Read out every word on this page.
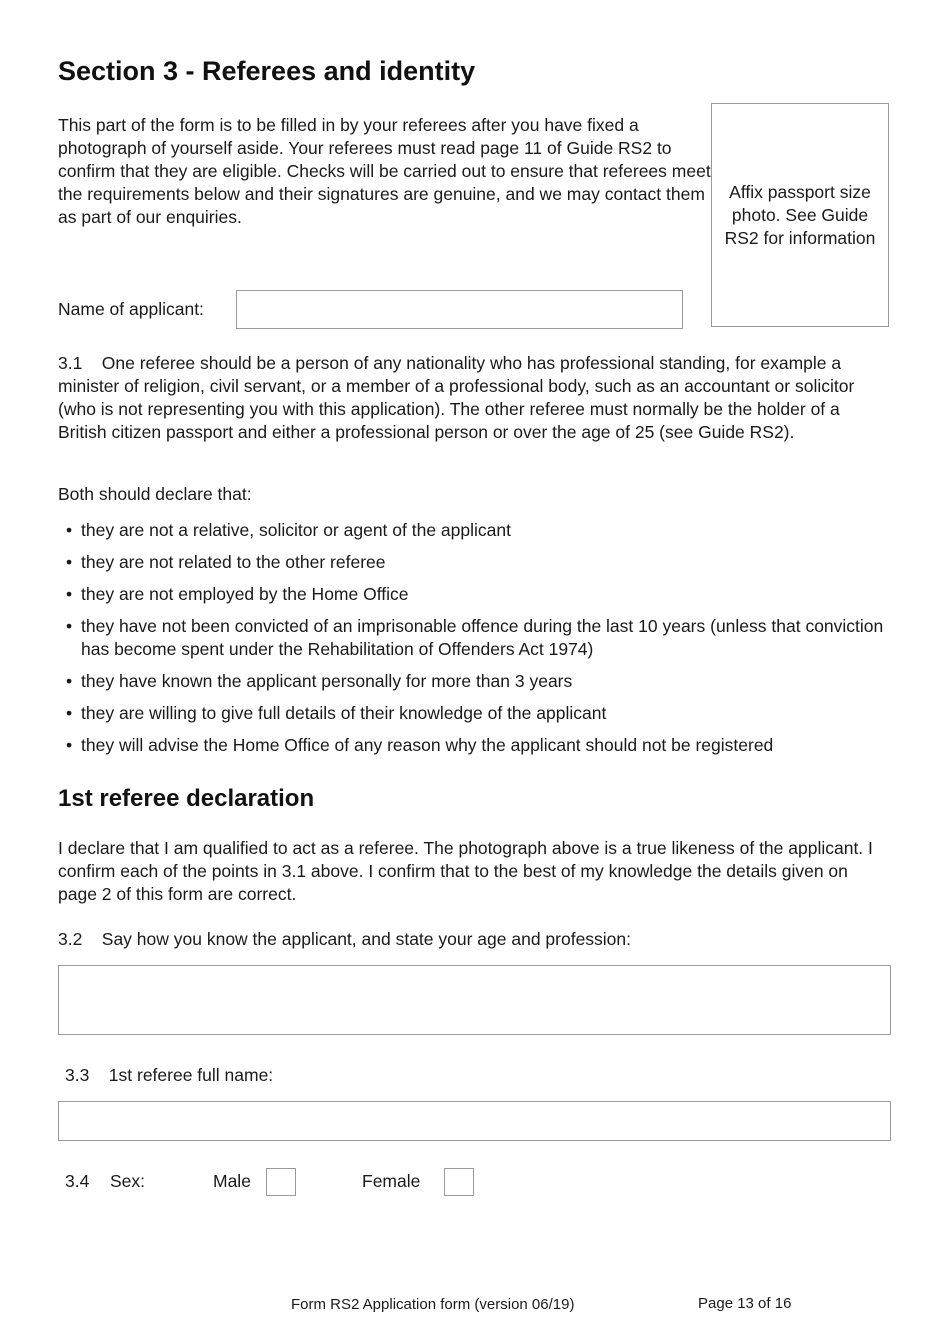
Section 3 - Referees and identity

This part of the form is to be filled in by your referees after you have fixed a photograph of yourself aside. Your referees must read page 11 of Guide RS2 to confirm that they are eligible. Checks will be carried out to ensure that referees meet the requirements below and their signatures are genuine, and we may contact them as part of our enquiries.

Affix passport size photo. See Guide RS2 for information
Name of applicant:

3.1 One referee should be a person of any nationality who has professional standing, for example a minister of religion, civil servant, or a member of a professional body, such as an accountant or solicitor (who is not representing you with this application). The other referee must normally be the holder of a British citizen passport and either a professional person or over the age of 25 (see Guide RS2).

Both should declare that:

• they are not a relative, solicitor or agent of the applicant
• they are not related to the other referee
• they are not employed by the Home Office
• they have not been convicted of an imprisonable offence during the last 10 years (unless that conviction has become spent under the Rehabilitation of Offenders Act 1974)
• they have known the applicant personally for more than 3 years
• they are willing to give full details of their knowledge of the applicant
• they will advise the Home Office of any reason why the applicant should not be registered
1st referee declaration

I declare that I am qualified to act as a referee. The photograph above is a true likeness of the applicant. I confirm each of the points in 3.1 above. I confirm that to the best of my knowledge the details given on page 2 of this form are correct.

3.2 Say how you know the applicant, and state your age and profession:

3.3 1st referee full name:

3.4 Sex:	Male	Female
Form RS2 Application form (version 06/19)	Page 13 of 16
